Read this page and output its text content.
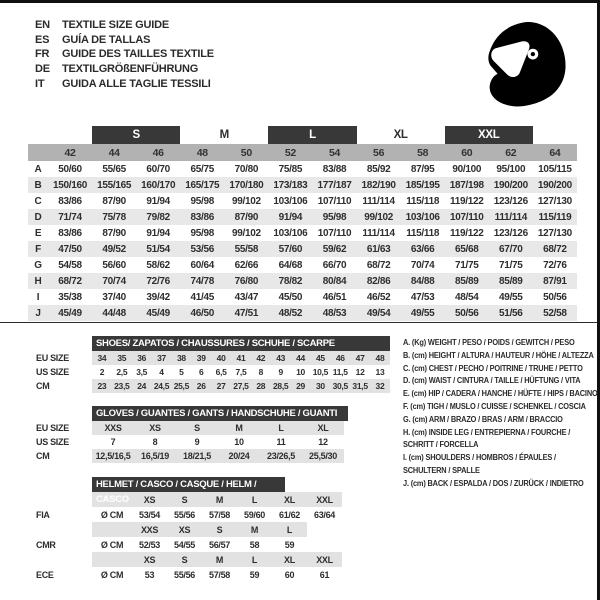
EN	TEXTILE SIZE GUIDE
ES	GUÍA DE TALLAS
FR	GUIDE DES TAILLES TEXTILE
DE	TEXTILGRÖßENFÜHRUNG
IT	GUIDA ALLE TAGLIE TESSILI
		S		M		L		XL		XXL		
	42	44	46	48	50	52	54	56	58	60	62	64
A	50/60	55/65	60/70	65/75	70/80	75/85	83/88	85/92	87/95	90/100	95/100	105/115
B	150/160	155/165	160/170	165/175	170/180	173/183	177/187	182/190	185/195	187/198	190/200	190/200
C	83/86	87/90	91/94	95/98	99/102	103/106	107/110	111/114	115/118	119/122	123/126	127/130
D	71/74	75/78	79/82	83/86	87/90	91/94	95/98	99/102	103/106	107/110	111/114	115/119
E	83/86	87/90	91/94	95/98	99/102	103/106	107/110	111/114	115/118	119/122	123/126	127/130
F	47/50	49/52	51/54	53/56	55/58	57/60	59/62	61/63	63/66	65/68	67/70	68/72
G	54/58	56/60	58/62	60/64	62/66	64/68	66/70	68/72	70/74	71/75	71/75	72/76
H	68/72	70/74	72/76	74/78	76/80	78/82	80/84	82/86	84/88	85/89	85/89	87/91
I	35/38	37/40	39/42	41/45	43/47	45/50	46/51	46/52	47/53	48/54	49/55	50/56
J	45/49	44/48	45/49	46/50	47/51	48/52	48/53	49/54	49/55	50/56	51/56	52/58
SHOES/ ZAPATOS / CHAUSSURES / SCHUHE / SCARPE
EU SIZE	34	35	36	37	38	39	40	41	42	43	44	45	46	47	48
US SIZE	2	2,5	3,5	4	5	6	6,5	7,5	8	9	10	10,5	11,5	12	13
CM	23	23,5	24	24,5	25,5	26	27	27,5	28	28,5	29	30	30,5	31,5	32
GLOVES / GUANTES / GANTS / HANDSCHUHE / GUANTI
EU SIZE	XXS	XS	S	M	L	XL
US SIZE	7	8	9	10	11	12
CM	12,5/16,5	16,5/19	18/21,5	20/24	23/26,5	25,5/30
HELMET / CASCO / CASQUE / HELM / CASCO
			XS	S	M	L	XL	XXL
FIA	Ø CM	53/54	55/56	57/58	59/60	61/62	63/64
		XXS	XS	S	M	L	
CMR	Ø CM	52/53	54/55	56/57	58	59	
		XS	S	M	L	XL	XXL
ECE	Ø CM	53	55/56	57/58	59	60	61
A. (Kg) WEIGHT / PESO / POIDS / GEWITCH / PESO
B. (cm) HEIGHT / ALTURA / HAUTEUR / HÖHE / ALTEZZA
C. (cm) CHEST / PECHO / POITRINE / TRUHE / PETTO
D. (cm) WAIST / CINTURA / TAILLE / HÜFTUNG / VITA
E. (cm) HIP / CADERA / HANCHE / HÜFTE / HIPS / BACINO
F. (cm) TIGH / MUSLO / CUISSE / SCHENKEL / COSCIA
G. (cm) ARM / BRAZO / BRAS / ARM / BRACCIO
H. (cm) INSIDE LEG / ENTREPIERNA / FOURCHE /
SCHRITT / FORCELLA
I. (cm) SHOULDERS / HOMBROS / ÉPAULES /
SCHULTERN / SPALLE
J. (cm) BACK / ESPALDA / DOS / ZURÜCK / INDIETRO
